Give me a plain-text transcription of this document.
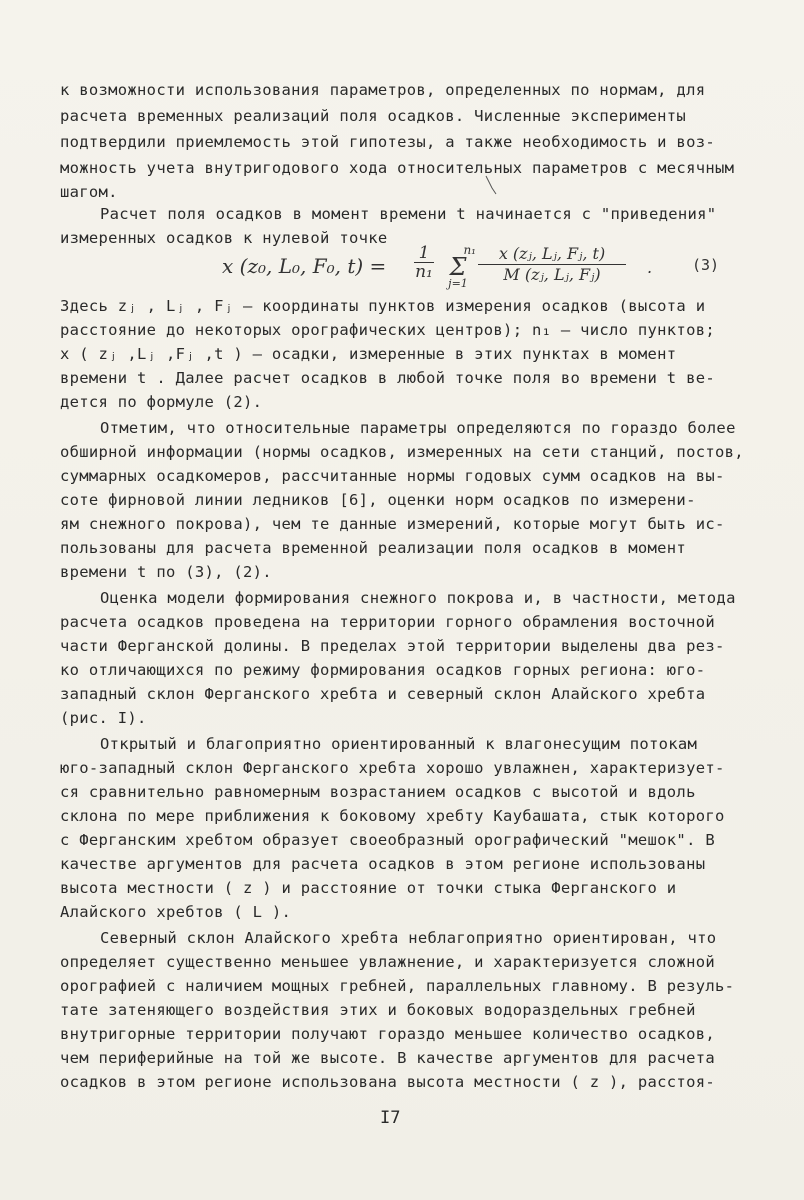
к возможности использования параметров, определенных по нормам, для
расчета временных реализаций поля осадков. Численные эксперименты
подтвердили приемлемость этой гипотезы, а также необходимость и воз-
можность учета внутригодового хода относительных параметров с месячным
шагом.
Расчет поля осадков в момент времени t начинается с "приведения"
измеренных осадков к нулевой точке
x (z₀, L₀, F₀, $t) = \frac{1}{\text{n₁}}$	n₁
Σ
$j=1 \frac{\text{x (zⱼ, Lⱼ, Fⱼ, t)}}{\text{M (zⱼ, Lⱼ, Fⱼ)}}$ .	(3)
Здесь zⱼ , Lⱼ , Fⱼ – координаты пунктов измерения осадков (высота и
расстояние до некоторых орографических центров); n₁ – число пунктов;
x ( zⱼ ,Lⱼ ,Fⱼ ,t ) – осадки, измеренные в этих пунктах в момент
времени t . Далее расчет осадков в любой точке поля во времени t ве-
дется по формуле (2).
Отметим, что относительные параметры определяются по гораздо более
обширной информации (нормы осадков, измеренных на сети станций, постов,
суммарных осадкомеров, рассчитанные нормы годовых сумм осадков на вы-
соте фирновой линии ледников [6], оценки норм осадков по измерени-
ям снежного покрова), чем те данные измерений, которые могут быть ис-
пользованы для расчета временной реализации поля осадков в момент
времени t по (3), (2).
Оценка модели формирования снежного покрова и, в частности, метода
расчета осадков проведена на территории горного обрамления восточной
части Ферганской долины. В пределах этой территории выделены два рез-
ко отличающихся по режиму формирования осадков горных региона: юго-
западный склон Ферганского хребта и северный склон Алайского хребта
(рис. I).
Открытый и благоприятно ориентированный к влагонесущим потокам
юго-западный склон Ферганского хребта хорошо увлажнен, характеризует-
ся сравнительно равномерным возрастанием осадков с высотой и вдоль
склона по мере приближения к боковому хребту Каубашата, стык которого
с Ферганским хребтом образует своеобразный орографический "мешок". В
качестве аргументов для расчета осадков в этом регионе использованы
высота местности ( z ) и расстояние от точки стыка Ферганского и
Алайского хребтов ( L ).
Северный склон Алайского хребта неблагоприятно ориентирован, что
определяет существенно меньшее увлажнение, и характеризуется сложной
орографией с наличием мощных гребней, параллельных главному. В резуль-
тате затеняющего воздействия этих и боковых водораздельных гребней
внутригорные территории получают гораздо меньшее количество осадков,
чем периферийные на той же высоте. В качестве аргументов для расчета
осадков в этом регионе использована высота местности ( z ), расстоя-
I7
